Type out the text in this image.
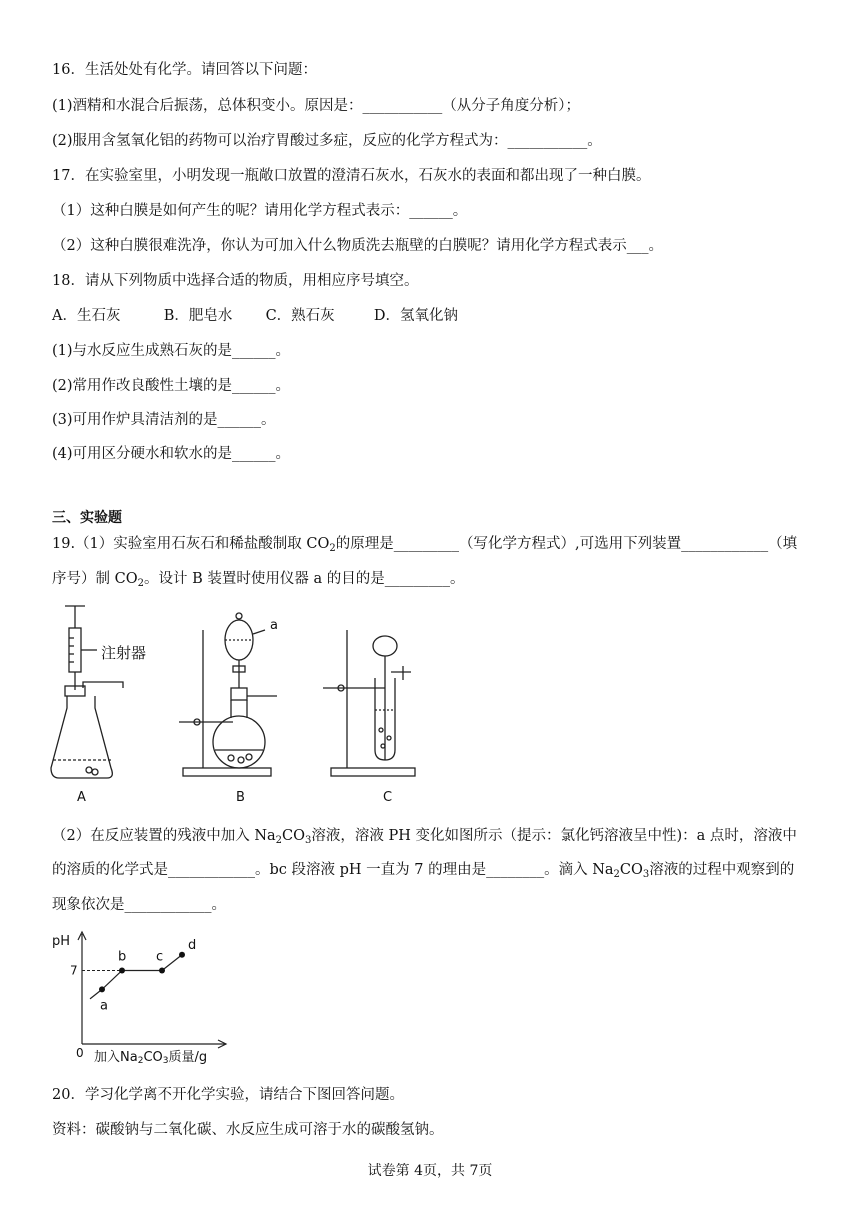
16．生活处处有化学。请回答以下问题：
(1)酒精和水混合后振荡，总体积变小。原因是：___________（从分子角度分析）；
(2)服用含氢氧化铝的药物可以治疗胃酸过多症，反应的化学方程式为：___________。
17．在实验室里，小明发现一瓶敞口放置的澄清石灰水，石灰水的表面和都出现了一种白膜。
（1）这种白膜是如何产生的呢？请用化学方程式表示：______。
（2）这种白膜很难洗净，你认为可加入什么物质洗去瓶壁的白膜呢？请用化学方程式表示___。
18．请从下列物质中选择合适的物质，用相应序号填空。
A．生石灰	B．肥皂水 C．熟石灰	D．氢氧化钠
(1)与水反应生成熟石灰的是______。
(2)常用作改良酸性土壤的是______。
(3)可用作炉具清洁剂的是______。
(4)可用区分硬水和软水的是______。
三、实验题
19.（1）实验室用石灰石和稀盐酸制取 $CO_2$的原理是_________（写化学方程式）,可选用下列装置____________（填
序号）制 $CO_2$。设计 B 装置时使用仪器 a 的目的是_________。
注射器
a
A	B	C
（2）在反应装置的残液中加入 $Na_2CO_3$溶液，溶液 PH 变化如图所示（提示：氯化钙溶液呈中性)：a 点时，溶液中
的溶质的化学式是____________。bc 段溶液 pH 一直为 7 的理由是________。滴入 $Na_2CO_3$溶液的过程中观察到的
现象依次是____________。
pH
0
7
a
b c
d
加入Na2CO3质量/g
20．学习化学离不开化学实验，请结合下图回答问题。
资料：碳酸钠与二氧化碳、水反应生成可溶于水的碳酸氢钠。
试卷第 4页，共 7页
